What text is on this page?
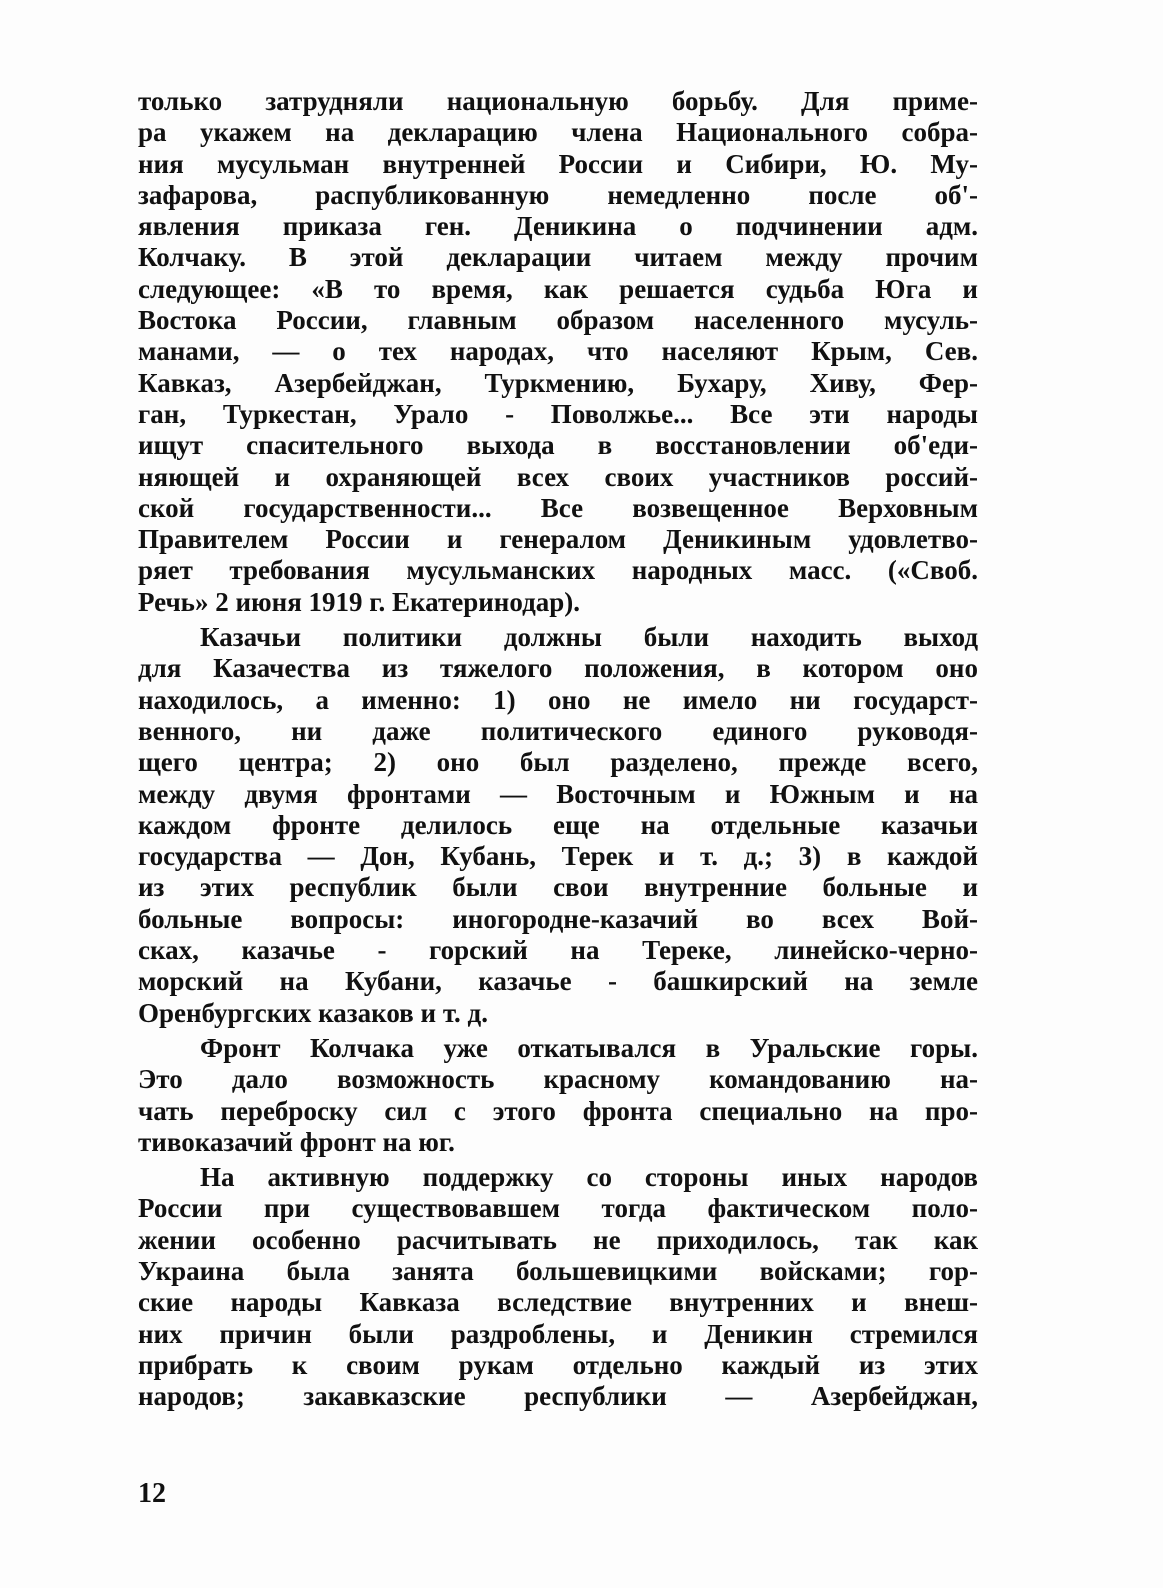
только затрудняли национальную борьбу. Для приме-
ра укажем на декларацию члена Национального собра-
ния мусульман внутренней России и Сибири, Ю. Му-
зафарова, распубликованную немедленно после об'-
явления приказа ген. Деникина о подчинении адм.
Колчаку. В этой декларации читаем между прочим
следующее: «В то время, как решается судьба Юга и
Востока России, главным образом населенного мусуль-
манами, — о тех народах, что населяют Крым, Сев.
Кавказ, Азербейджан, Туркмению, Бухару, Хиву, Фер-
ган, Туркестан, Урало - Поволжье... Все эти народы
ищут спасительного выхода в восстановлении об'еди-
няющей и охраняющей всех своих участников россий-
ской государственности... Все возвещенное Верховным
Правителем России и генералом Деникиным удовлетво-
ряет требования мусульманских народных масс. («Своб.
Речь» 2 июня 1919 г. Екатеринодар).

Казачьи политики должны были находить выход
для Казачества из тяжелого положения, в котором оно
находилось, а именно: 1) оно не имело ни государст-
венного, ни даже политического единого руководя-
щего центра; 2) оно был разделено, прежде всего,
между двумя фронтами — Восточным и Южным и на
каждом фронте делилось еще на отдельные казачьи
государства — Дон, Кубань, Терек и т. д.; 3) в каждой
из этих республик были свои внутренние больные и
больные вопросы: иногородне-казачий во всех Вой-
сках, казачье - горский на Тереке, линейско-черно-
морский на Кубани, казачье - башкирский на земле
Оренбургских казаков и т. д.

Фронт Колчака уже откатывался в Уральские горы.
Это дало возможность красному командованию на-
чать переброску сил с этого фронта специально на про-
тивоказачий фронт на юг.

На активную поддержку со стороны иных народов
России при существовавшем тогда фактическом поло-
жении особенно расчитывать не приходилось, так как
Украина была занята большевицкими войсками; гор-
ские народы Кавказа вследствие внутренних и внеш-
них причин были раздроблены, и Деникин стремился
прибрать к своим рукам отдельно каждый из этих
народов; закавказские республики — Азербейджан,

12
